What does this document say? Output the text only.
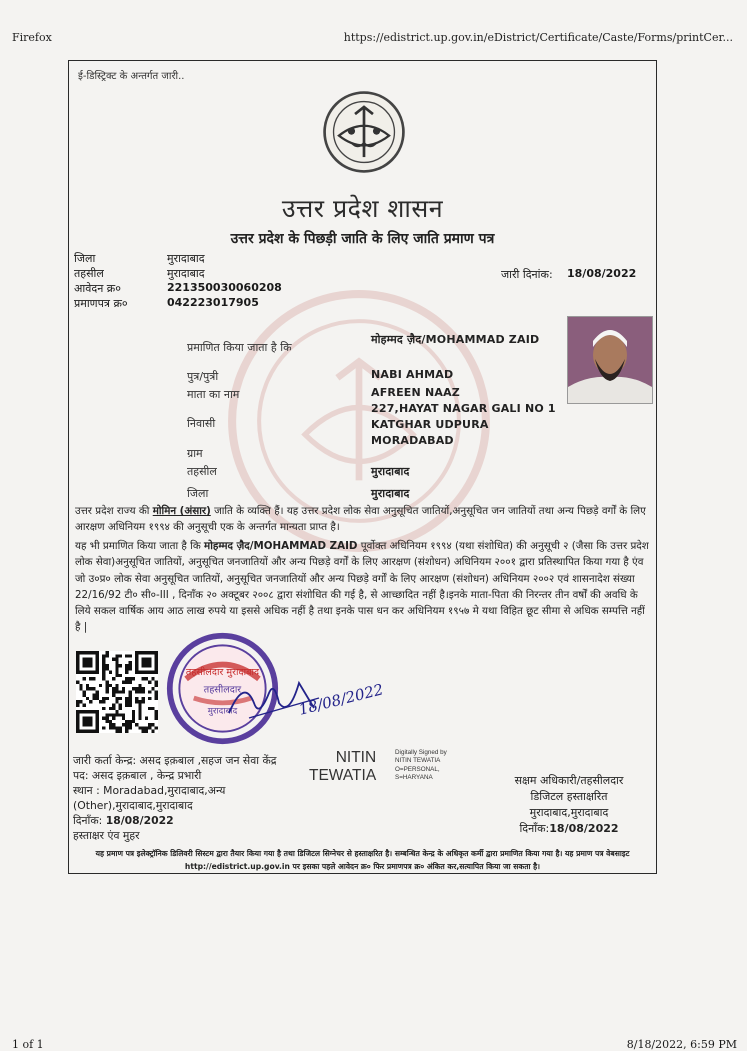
Firefox	https://edistrict.up.gov.in/eDistrict/Certificate/Caste/Forms/printCer...
ई-डिस्ट्रिक्ट के अन्तर्गत जारी..
उत्तर प्रदेश शासन
उत्तर प्रदेश के पिछड़ी जाति के लिए जाति प्रमाण पत्र
जिला	मुरादाबाद
तहसील	मुरादाबाद
आवेदन क्र०	221350030060208
प्रमाणपत्र क्र०	042223017905
जारी दिनांक: 18/08/2022
प्रमाणित किया जाता है कि
मोहम्मद ज़ैद/MOHAMMAD ZAID
पुत्र/पुत्री	NABI AHMAD
माता का नाम	AFREEN NAAZ
निवासी
227,HAYAT NAGAR GALI NO 1 KATGHAR UDPURA MORADABAD
ग्राम
तहसील	मुरादाबाद
जिला	मुरादाबाद
उत्तर प्रदेश राज्य की मोमिन (अंसार) जाति के व्यक्ति हैं। यह उत्तर प्रदेश लोक सेवा अनुसूचित जातियों,अनुसूचित जन जातियों तथा अन्य पिछड़े वर्गों के लिए आरक्षण अधिनियम १९९४ की अनुसूची एक के अन्तर्गत मान्यता प्राप्त है।
यह भी प्रमाणित किया जाता है कि मोहम्मद ज़ैद/MOHAMMAD ZAID पूर्वोक्त अधिनियम १९९४ (यथा संशोधित) की अनुसूची २ (जैसा कि उत्तर प्रदेश लोक सेवा)अनुसूचित जातियों, अनुसूचित जनजातियों और अन्य पिछड़े वर्गों के लिए आरक्षण (संशोधन) अधिनियम २००१ द्वारा प्रतिस्थापित किया गया है एंव जो उ०प्र० लोक सेवा अनुसूचित जातियों, अनुसूचित जनजातियों और अन्य पिछड़े वर्गों के लिए आरक्षण (संशोधन) अधिनियम २००२ एवं शासनादेश संख्या 22/16/92 टी० सी०-III , दिनाँक २० अक्टूबर २००८ द्वारा संशोधित की गई है, से आच्छादित नहीं है।इनके माता-पिता की निरन्तर तीन वर्षों की अवधि के लिये सकल वार्षिक आय आठ लाख रुपये या इससे अधिक नहीं है तथा इनके पास धन कर अधिनियम १९५७ मे यथा विहित छूट सीमा से अधिक सम्पत्ति नहीं है |
तहसीलदार मुरादाबाद
तहसीलदार
मुरादाबाद	18/08/2022
जारी कर्ता केन्द्र: असद इक़बाल ,सहज जन सेवा केंद्र
पद: असद इक़बाल , केन्द्र प्रभारी
स्थान : Moradabad,मुरादाबाद,अन्य
(Other),मुरादाबाद,मुरादाबाद
दिनाँक: 18/08/2022
हस्ताक्षर एंव मुहर
NITIN
TEWATIA
Digitally Signed by
NITIN TEWATIA
O=PERSONAL,
S=HARYANA	सक्षम अधिकारी/तहसीलदार
डिजिटल हस्ताक्षरित
मुरादाबाद,मुरादाबाद
दिनाँक:18/08/2022
यह प्रमाण पत्र इलेक्ट्रॉनिक डिलिवरी सिस्टम द्वारा तैयार किया गया है तथा डिजिटल सिग्नेचर से हस्ताक्षरित है। सम्बन्धित केन्द्र के अधिकृत कर्मी द्वारा प्रमाणित किया गया है। यह प्रमाण पत्र वेबसाइट http://edistrict.up.gov.in पर इसका पहले आवेदन क्र० फिर प्रमाणपत्र क्र० अंकित कर,सत्यापित किया जा सकता है।
1 of 1	8/18/2022, 6:59 PM
